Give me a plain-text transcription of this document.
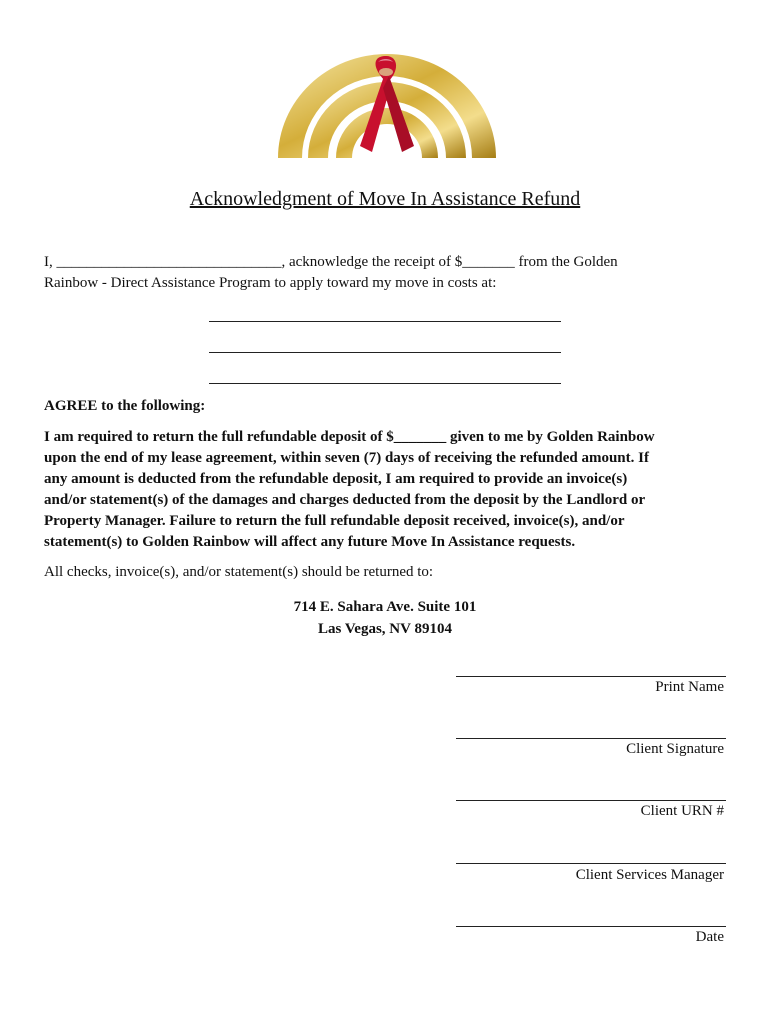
Acknowledgment of Move In Assistance Refund
I, ______________________________, acknowledge the receipt of $_______ from the Golden
Rainbow - Direct Assistance Program to apply toward my move in costs at:
AGREE to the following:
I am required to return the full refundable deposit of $_______ given to me by Golden Rainbow
upon the end of my lease agreement, within seven (7) days of receiving the refunded amount. If
any amount is deducted from the refundable deposit, I am required to provide an invoice(s)
and/or statement(s) of the damages and charges deducted from the deposit by the Landlord or
Property Manager. Failure to return the full refundable deposit received, invoice(s), and/or
statement(s) to Golden Rainbow will affect any future Move In Assistance requests.
All checks, invoice(s), and/or statement(s) should be returned to:
714 E. Sahara Ave. Suite 101
Las Vegas, NV 89104
Print Name
Client Signature
Client URN #
Client Services Manager
Date
